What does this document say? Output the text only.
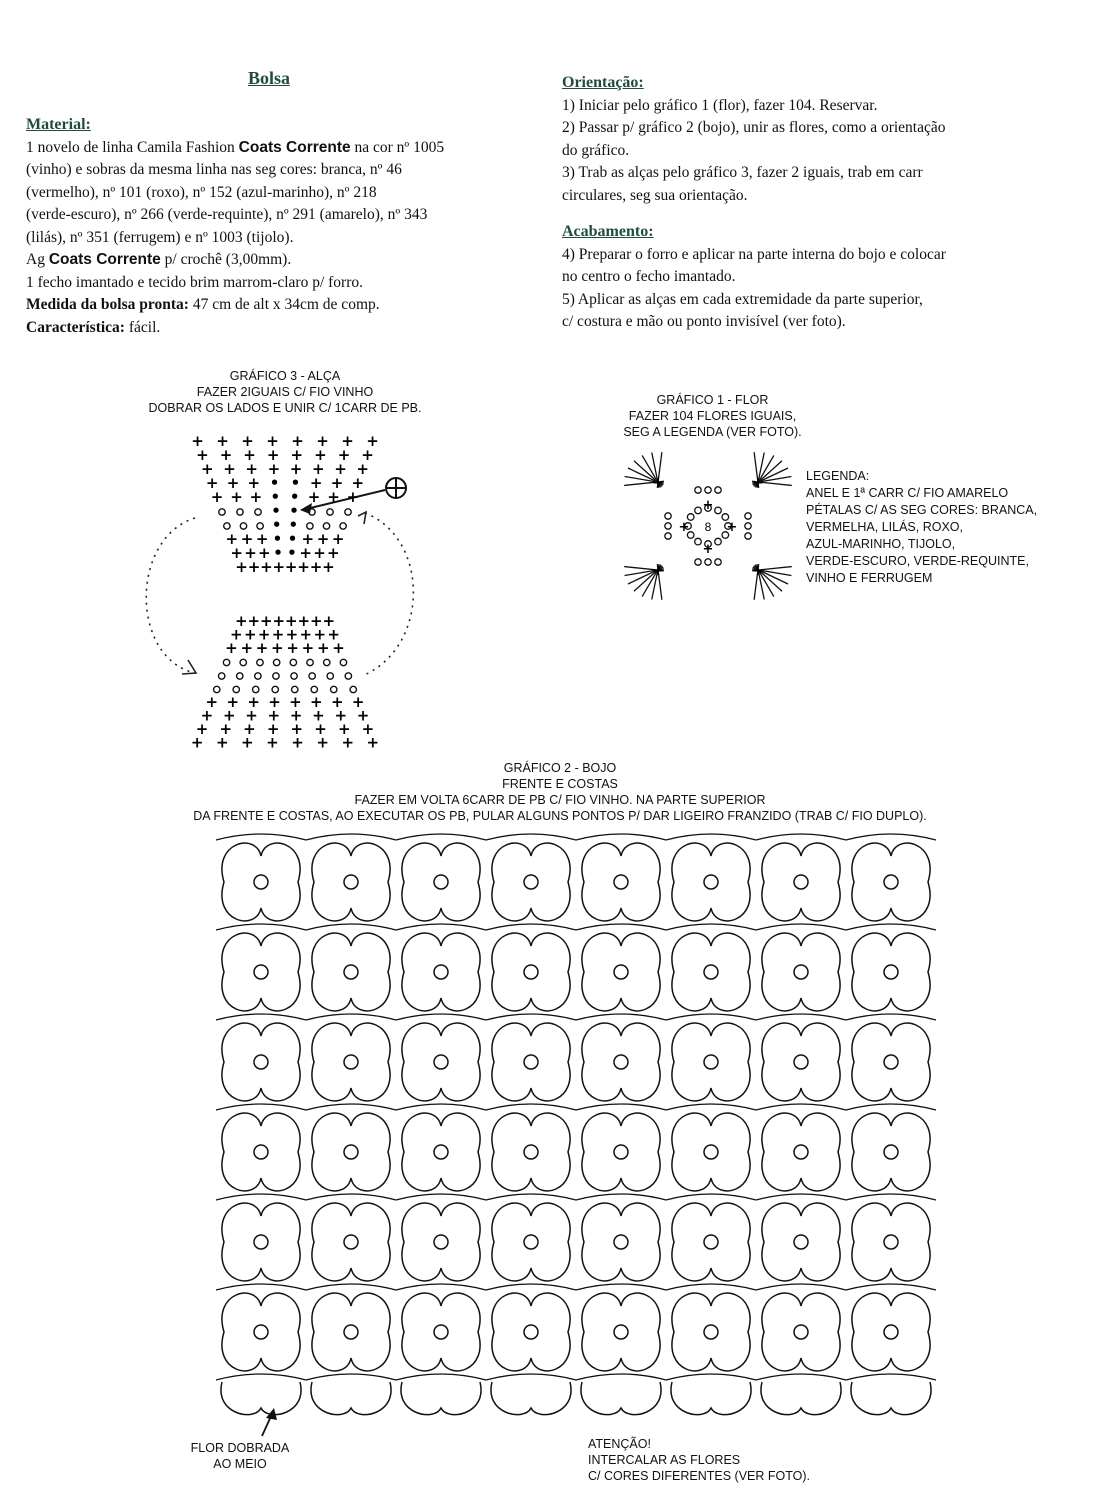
Bolsa
Material:
1 novelo de linha Camila Fashion Coats Corrente na cor nº 1005
(vinho) e sobras da mesma linha nas seg cores: branca, nº 46
(vermelho), nº 101 (roxo), nº 152 (azul-marinho), nº 218
(verde-escuro), nº 266 (verde-requinte), nº 291 (amarelo), nº 343
(lilás), nº 351 (ferrugem) e nº 1003 (tijolo).
Ag Coats Corrente p/ crochê (3,00mm).
1 fecho imantado e tecido brim marrom-claro p/ forro.
Medida da bolsa pronta: 47 cm de alt x 34cm de comp.
Característica: fácil.
Orientação:
1) Iniciar pelo gráfico 1 (flor), fazer 104. Reservar.
2) Passar p/ gráfico 2 (bojo), unir as flores, como a orientação
do gráfico.
3) Trab as alças pelo gráfico 3, fazer 2 iguais, trab em carr
circulares, seg sua orientação.
Acabamento:
4) Preparar o forro e aplicar na parte interna do bojo e colocar
no centro o fecho imantado.
5) Aplicar as alças em cada extremidade da parte superior,
c/ costura e mão ou ponto invisível (ver foto).
GRÁFICO 3 - ALÇA
FAZER 2IGUAIS C/ FIO VINHO
DOBRAR OS LADOS E UNIR C/ 1CARR DE PB.
+ + + + + + + +
+ + + + + + + +
+ + + + + + + +
+ + + • • + + +
+ + + • • + + +
• •
• •
+ + + • • + + +
+ + + • • + + +
+ + + + + + + +
+ + + + + + + +
+ + + + + + + +
+ + + + + + + +
+ + + + + + + +
+ + + + + + + +
+ + + + + + + +
+ + + + + + + +
GRÁFICO 1 - FLOR
FAZER 104 FLORES IGUAIS,
SEG A LEGENDA (VER FOTO).
+	+
+
+
+	+
+
+
8
LEGENDA:
ANEL E 1ª CARR C/ FIO AMARELO
PÉTALAS C/ AS SEG CORES: BRANCA,
VERMELHA, LILÁS, ROXO,
AZUL-MARINHO, TIJOLO,
VERDE-ESCURO, VERDE-REQUINTE,
VINHO E FERRUGEM
GRÁFICO 2 - BOJO
FRENTE E COSTAS
FAZER EM VOLTA 6CARR DE PB C/ FIO VINHO. NA PARTE SUPERIOR
DA FRENTE E COSTAS, AO EXECUTAR OS PB, PULAR ALGUNS PONTOS P/ DAR LIGEIRO FRANZIDO (TRAB C/ FIO DUPLO).
FLOR DOBRADA
AO MEIO
ATENÇÃO!
INTERCALAR AS FLORES
C/ CORES DIFERENTES (VER FOTO).
